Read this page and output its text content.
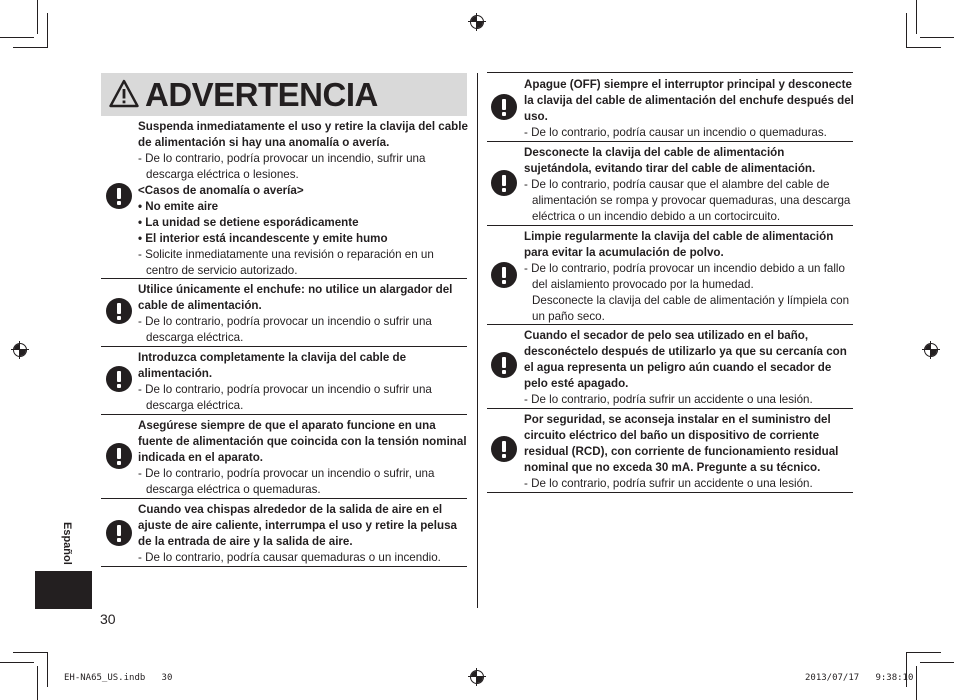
ADVERTENCIA
Suspenda inmediatamente el uso y retire la clavija del cable de alimentación si hay una anomalía o avería.
- De lo contrario, podría provocar un incendio, sufrir una descarga eléctrica o lesiones.
<Casos de anomalía o avería>
• No emite aire
• La unidad se detiene esporádicamente
• El interior está incandescente y emite humo
- Solicite inmediatamente una revisión o reparación en un centro de servicio autorizado.
Utilice únicamente el enchufe: no utilice un alargador del cable de alimentación.
- De lo contrario, podría provocar un incendio o sufrir una descarga eléctrica.
Introduzca completamente la clavija del cable de alimentación.
- De lo contrario, podría provocar un incendio o sufrir una descarga eléctrica.
Asegúrese siempre de que el aparato funcione en una fuente de alimentación que coincida con la tensión nominal indicada en el aparato.
- De lo contrario, podría provocar un incendio o sufrir, una descarga eléctrica o quemaduras.
Cuando vea chispas alrededor de la salida de aire en el ajuste de aire caliente, interrumpa el uso y retire la pelusa de la entrada de aire y la salida de aire.
- De lo contrario, podría causar quemaduras o un incendio.
Apague (OFF) siempre el interruptor principal y desconecte la clavija del cable de alimentación del enchufe después del uso.
- De lo contrario, podría causar un incendio o quemaduras.
Desconecte la clavija del cable de alimentación sujetándola, evitando tirar del cable de alimentación.
- De lo contrario, podría causar que el alambre del cable de alimentación se rompa y provocar quemaduras, una descarga eléctrica o un incendio debido a un cortocircuito.
Limpie regularmente la clavija del cable de alimentación para evitar la acumulación de polvo.
- De lo contrario, podría provocar un incendio debido a un fallo del aislamiento provocado por la humedad.
Desconecte la clavija del cable de alimentación y límpiela con un paño seco.
Cuando el secador de pelo sea utilizado en el baño, desconéctelo después de utilizarlo ya que su cercanía con el agua representa un peligro aún cuando el secador de pelo esté apagado.
- De lo contrario, podría sufrir un accidente o una lesión.
Por seguridad, se aconseja instalar en el suministro del circuito eléctrico del baño un dispositivo de corriente residual (RCD), con corriente de funcionamiento residual nominal que no exceda 30 mA. Pregunte a su técnico.
- De lo contrario, podría sufrir un accidente o una lesión.
Español
30
EH-NA65_US.indb   30	2013/07/17   9:38:10
